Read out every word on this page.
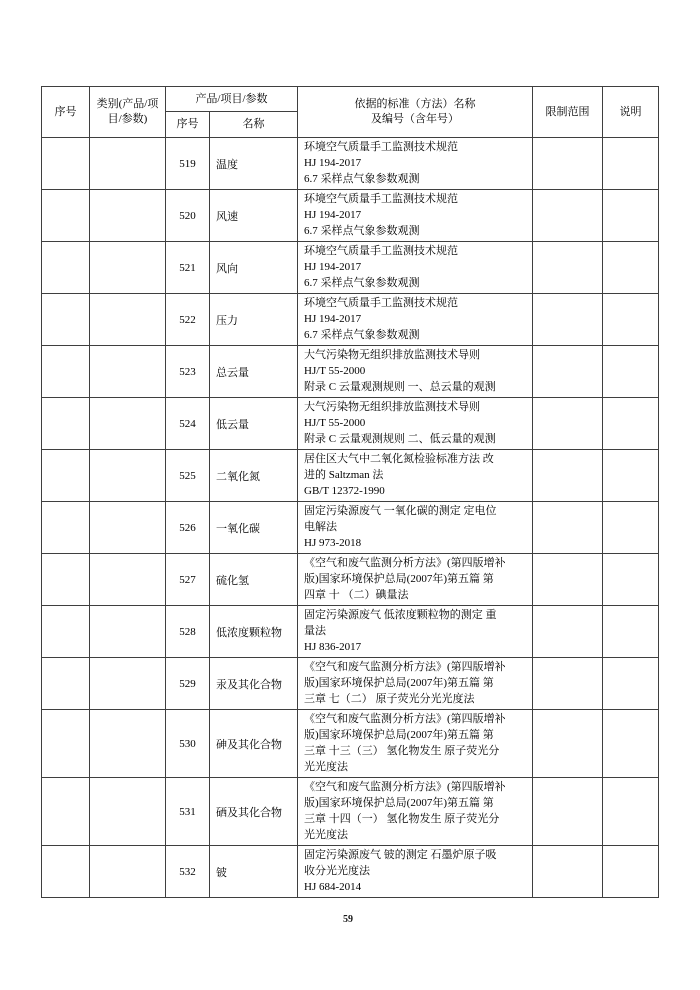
序号	类别(产品/项目/参数)	产品/项目/参数		依据的标准（方法）名称
及编号（含年号）	限制范围	说明
		序号	名称			
		519	温度	环境空气质量手工监测技术规范
HJ 194-2017
6.7 采样点气象参数观测		

		520	风速	环境空气质量手工监测技术规范
HJ 194-2017
6.7 采样点气象参数观测		

		521	风向	环境空气质量手工监测技术规范
HJ 194-2017
6.7 采样点气象参数观测		

		522	压力	环境空气质量手工监测技术规范
HJ 194-2017
6.7 采样点气象参数观测		

		523	总云量	大气污染物无组织排放监测技术导则
HJ/T 55-2000
附录 C 云量观测规则 一、总云量的观测		

		524	低云量	大气污染物无组织排放监测技术导则
HJ/T 55-2000
附录 C 云量观测规则 二、低云量的观测		

		525	二氧化氮	居住区大气中二氧化氮检验标准方法 改
进的 Saltzman 法
GB/T 12372-1990		

		526	一氧化碳	固定污染源废气 一氧化碳的测定 定电位
电解法
HJ 973-2018		

		527	硫化氢	《空气和废气监测分析方法》(第四版增补
版)国家环境保护总局(2007年)第五篇 第
四章 十 （二）碘量法		

		528	低浓度颗粒物	固定污染源废气 低浓度颗粒物的测定 重
量法
HJ 836-2017		

		529	汞及其化合物	《空气和废气监测分析方法》(第四版增补
版)国家环境保护总局(2007年)第五篇 第
三章 七（二） 原子荧光分光光度法		

		530	砷及其化合物	《空气和废气监测分析方法》(第四版增补
版)国家环境保护总局(2007年)第五篇 第
三章 十三（三） 氢化物发生 原子荧光分
光光度法		

		531	硒及其化合物	《空气和废气监测分析方法》(第四版增补
版)国家环境保护总局(2007年)第五篇 第
三章 十四（一） 氢化物发生 原子荧光分
光光度法		

		532	铍	固定污染源废气 铍的测定 石墨炉原子吸
收分光光度法
HJ 684-2014		

59
